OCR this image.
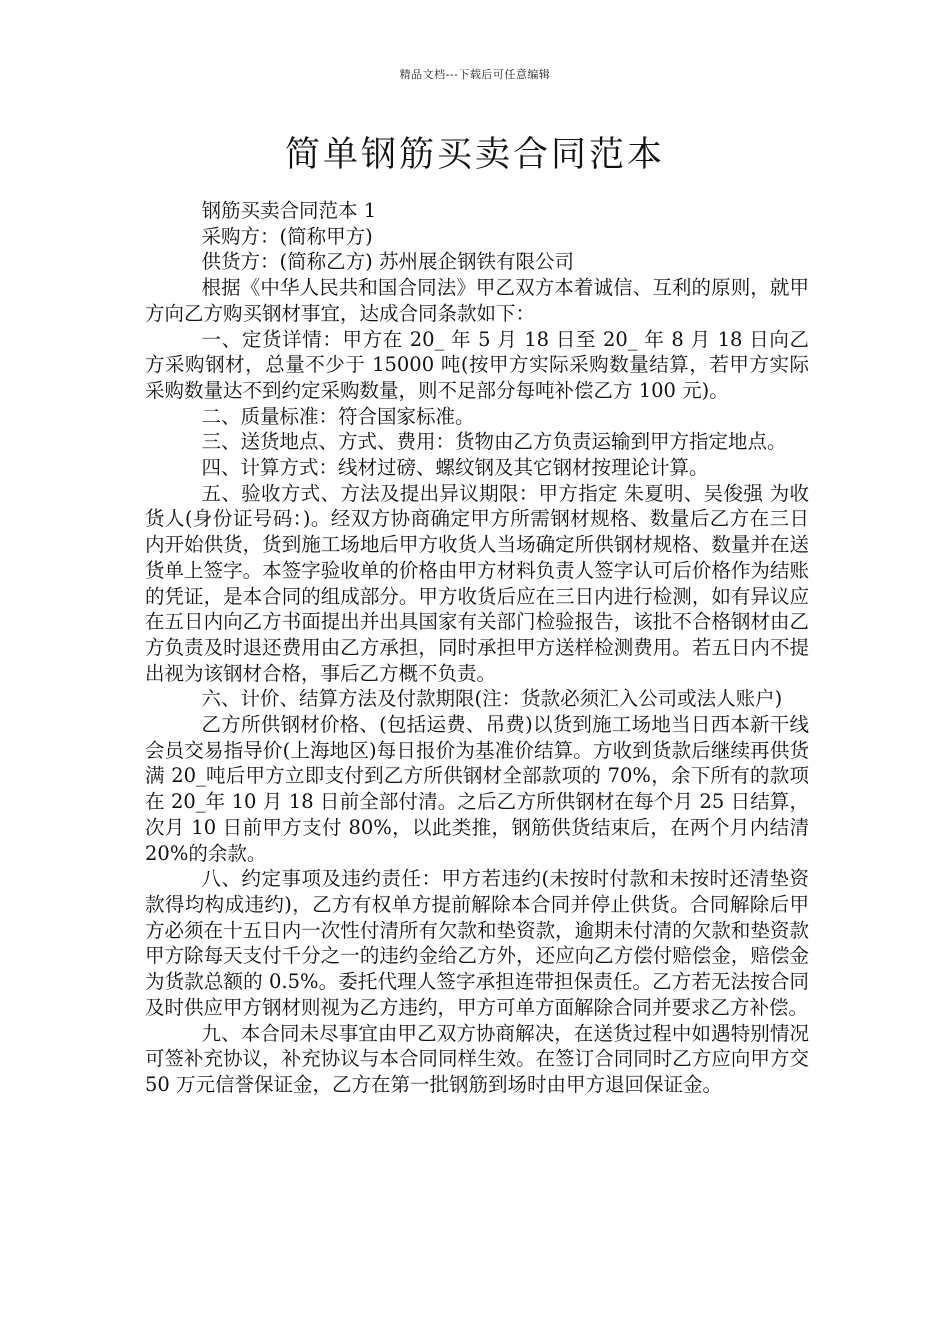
精品文档---下载后可任意编辑
简单钢筋买卖合同范本

钢筋买卖合同范本 1

采购方：(简称甲方)

供货方：(简称乙方) 苏州展企钢铁有限公司

根据《中华人民共和国合同法》甲乙双方本着诚信、互利的原则，就甲方向乙方购买钢材事宜，达成合同条款如下：

一、定货详情：甲方在 20_ 年 5 月 18 日至 20_ 年 8 月 18 日向乙方采购钢材，总量不少于 15000 吨(按甲方实际采购数量结算，若甲方实际采购数量达不到约定采购数量，则不足部分每吨补偿乙方 100 元)。

二、质量标准：符合国家标准。

三、送货地点、方式、费用：货物由乙方负责运输到甲方指定地点。

四、计算方式：线材过磅、螺纹钢及其它钢材按理论计算。

五、验收方式、方法及提出异议期限：甲方指定 朱夏明、吴俊强 为收货人(身份证号码：)。经双方协商确定甲方所需钢材规格、数量后乙方在三日内开始供货，货到施工场地后甲方收货人当场确定所供钢材规格、数量并在送货单上签字。本签字验收单的价格由甲方材料负责人签字认可后价格作为结账的凭证，是本合同的组成部分。甲方收货后应在三日内进行检测，如有异议应在五日内向乙方书面提出并出具国家有关部门检验报告，该批不合格钢材由乙方负责及时退还费用由乙方承担，同时承担甲方送样检测费用。若五日内不提出视为该钢材合格，事后乙方概不负责。

六、计价、结算方法及付款期限(注：货款必须汇入公司或法人账户)

乙方所供钢材价格、(包括运费、吊费)以货到施工场地当日西本新干线会员交易指导价(上海地区)每日报价为基准价结算。方收到货款后继续再供货满 20_吨后甲方立即支付到乙方所供钢材全部款项的 70%，余下所有的款项在 20_年 10 月 18 日前全部付清。之后乙方所供钢材在每个月 25 日结算，次月 10 日前甲方支付 80%，以此类推，钢筋供货结束后，在两个月内结清 20%的余款。

八、约定事项及违约责任：甲方若违约(未按时付款和未按时还清垫资款得均构成违约)，乙方有权单方提前解除本合同并停止供货。合同解除后甲方必须在十五日内一次性付清所有欠款和垫资款，逾期未付清的欠款和垫资款甲方除每天支付千分之一的违约金给乙方外，还应向乙方偿付赔偿金，赔偿金为货款总额的 0.5%。委托代理人签字承担连带担保责任。乙方若无法按合同及时供应甲方钢材则视为乙方违约，甲方可单方面解除合同并要求乙方补偿。

九、本合同未尽事宜由甲乙双方协商解决，在送货过程中如遇特别情况可签补充协议，补充协议与本合同同样生效。在签订合同同时乙方应向甲方交 50 万元信誉保证金，乙方在第一批钢筋到场时由甲方退回保证金。
